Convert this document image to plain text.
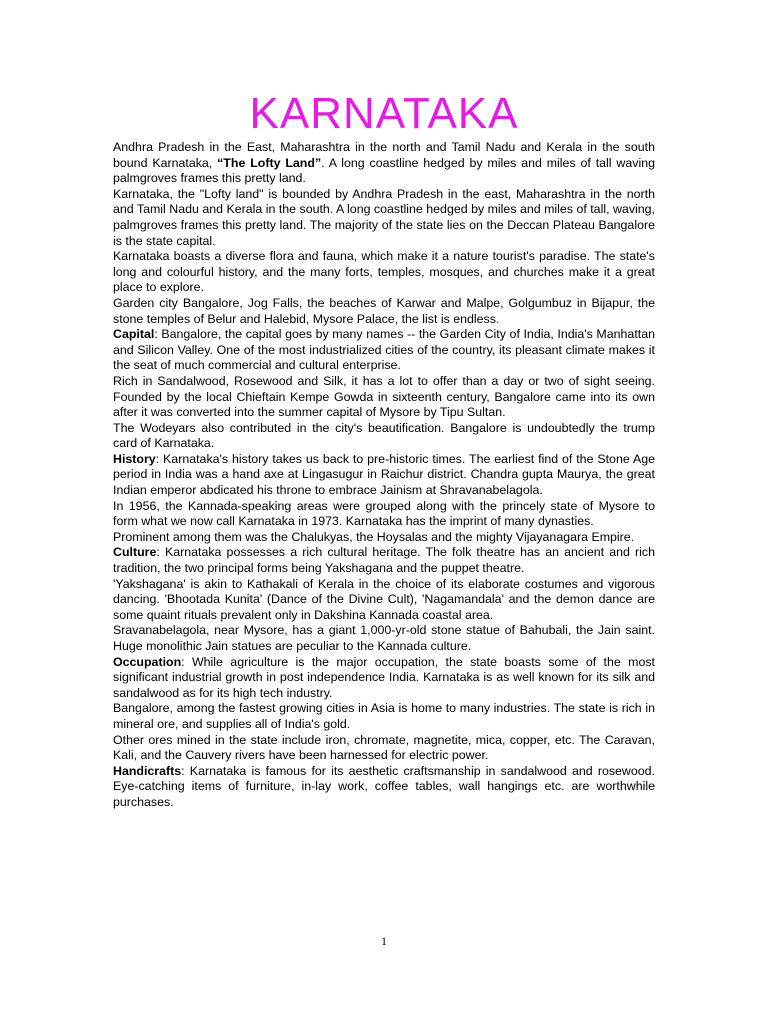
KARNATAKA

Andhra Pradesh in the East, Maharashtra in the north and Tamil Nadu and Kerala in the south bound Karnataka, “The Lofty Land”. A long coastline hedged by miles and miles of tall waving palmgroves frames this pretty land.

Karnataka, the "Lofty land" is bounded by Andhra Pradesh in the east, Maharashtra in the north and Tamil Nadu and Kerala in the south. A long coastline hedged by miles and miles of tall, waving, palmgroves frames this pretty land. The majority of the state lies on the Deccan Plateau Bangalore is the state capital.

Karnataka boasts a diverse flora and fauna, which make it a nature tourist's paradise. The state's long and colourful history, and the many forts, temples, mosques, and churches make it a great place to explore.

Garden city Bangalore, Jog Falls, the beaches of Karwar and Malpe, Golgumbuz in Bijapur, the stone temples of Belur and Halebid, Mysore Palace, the list is endless.

Capital: Bangalore, the capital goes by many names -- the Garden City of India, India's Manhattan and Silicon Valley. One of the most industrialized cities of the country, its pleasant climate makes it the seat of much commercial and cultural enterprise.

Rich in Sandalwood, Rosewood and Silk, it has a lot to offer than a day or two of sight seeing. Founded by the local Chieftain Kempe Gowda in sixteenth century, Bangalore came into its own after it was converted into the summer capital of Mysore by Tipu Sultan.

The Wodeyars also contributed in the city's beautification. Bangalore is undoubtedly the trump card of Karnataka.

History: Karnataka's history takes us back to pre-historic times. The earliest find of the Stone Age period in India was a hand axe at Lingasugur in Raichur district. Chandra gupta Maurya, the great Indian emperor abdicated his throne to embrace Jainism at Shravanabelagola.

In 1956, the Kannada-speaking areas were grouped along with the princely state of Mysore to form what we now call Karnataka in 1973. Karnataka has the imprint of many dynasties.

Prominent among them was the Chalukyas, the Hoysalas and the mighty Vijayanagara Empire.

Culture: Karnataka possesses a rich cultural heritage. The folk theatre has an ancient and rich tradition, the two principal forms being Yakshagana and the puppet theatre.

'Yakshagana' is akin to Kathakali of Kerala in the choice of its elaborate costumes and vigorous dancing. 'Bhootada Kunita' (Dance of the Divine Cult), 'Nagamandala' and the demon dance are some quaint rituals prevalent only in Dakshina Kannada coastal area.

Sravanabelagola, near Mysore, has a giant 1,000-yr-old stone statue of Bahubali, the Jain saint. Huge monolithic Jain statues are peculiar to the Kannada culture.

Occupation: While agriculture is the major occupation, the state boasts some of the most significant industrial growth in post independence India. Karnataka is as well known for its silk and sandalwood as for its high tech industry.

Bangalore, among the fastest growing cities in Asia is home to many industries. The state is rich in mineral ore, and supplies all of India's gold.

Other ores mined in the state include iron, chromate, magnetite, mica, copper, etc. The Caravan, Kali, and the Cauvery rivers have been harnessed for electric power.

Handicrafts: Karnataka is famous for its aesthetic craftsmanship in sandalwood and rosewood. Eye-catching items of furniture, in-lay work, coffee tables, wall hangings etc. are worthwhile purchases.

1
